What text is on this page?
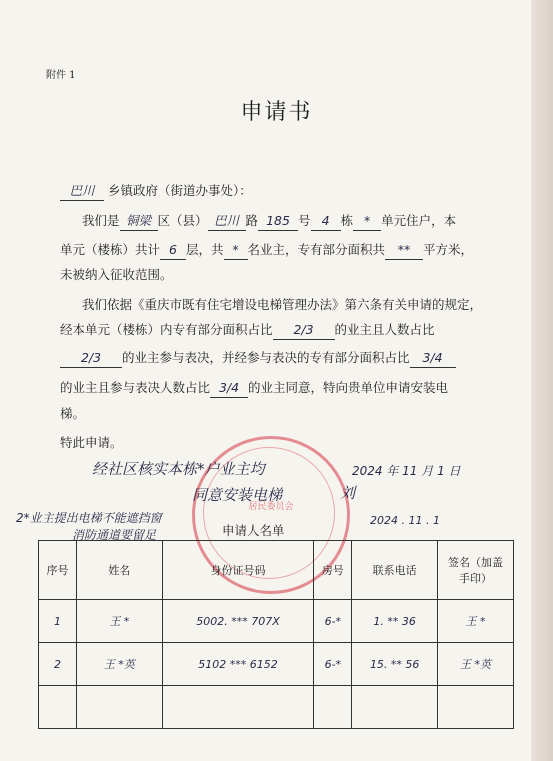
附件 1
申请书
巴川 乡镇政府（街道办事处）：
我们是 铜梁 区（县） 巴川 路 185 号 4 栋 * 单元住户，本
单元（楼栋）共计 6 层，共 * 名业主，专有部分面积共 ** 平方米，
未被纳入征收范围。
我们依据《重庆市既有住宅增设电梯管理办法》第六条有关申请的规定，
经本单元（楼栋）内专有部分面积占比 2/3 的业主且人数占比
2/3 的业主参与表决，并经参与表决的专有部分面积占比 3/4
的业主且参与表决人数占比 3/4 的业主同意，特向贵单位申请安装电
梯。
特此申请。
居民委员会
经社区核实本栋*户业主均	2024 年 11 月 1 日
同意安装电梯	刘
2*业主提出电梯不能遮挡窗
消防通道要留足
2024 . 11 . 1
申请人名单
序号	姓名	身份证号码	房号	联系电话	签名（加盖手印）
1	王 *	5002. *** 707X	6-*	1. ** 36	王 *
2	王 *英	5102 *** 6152	6-*	15. ** 56	王 *英
